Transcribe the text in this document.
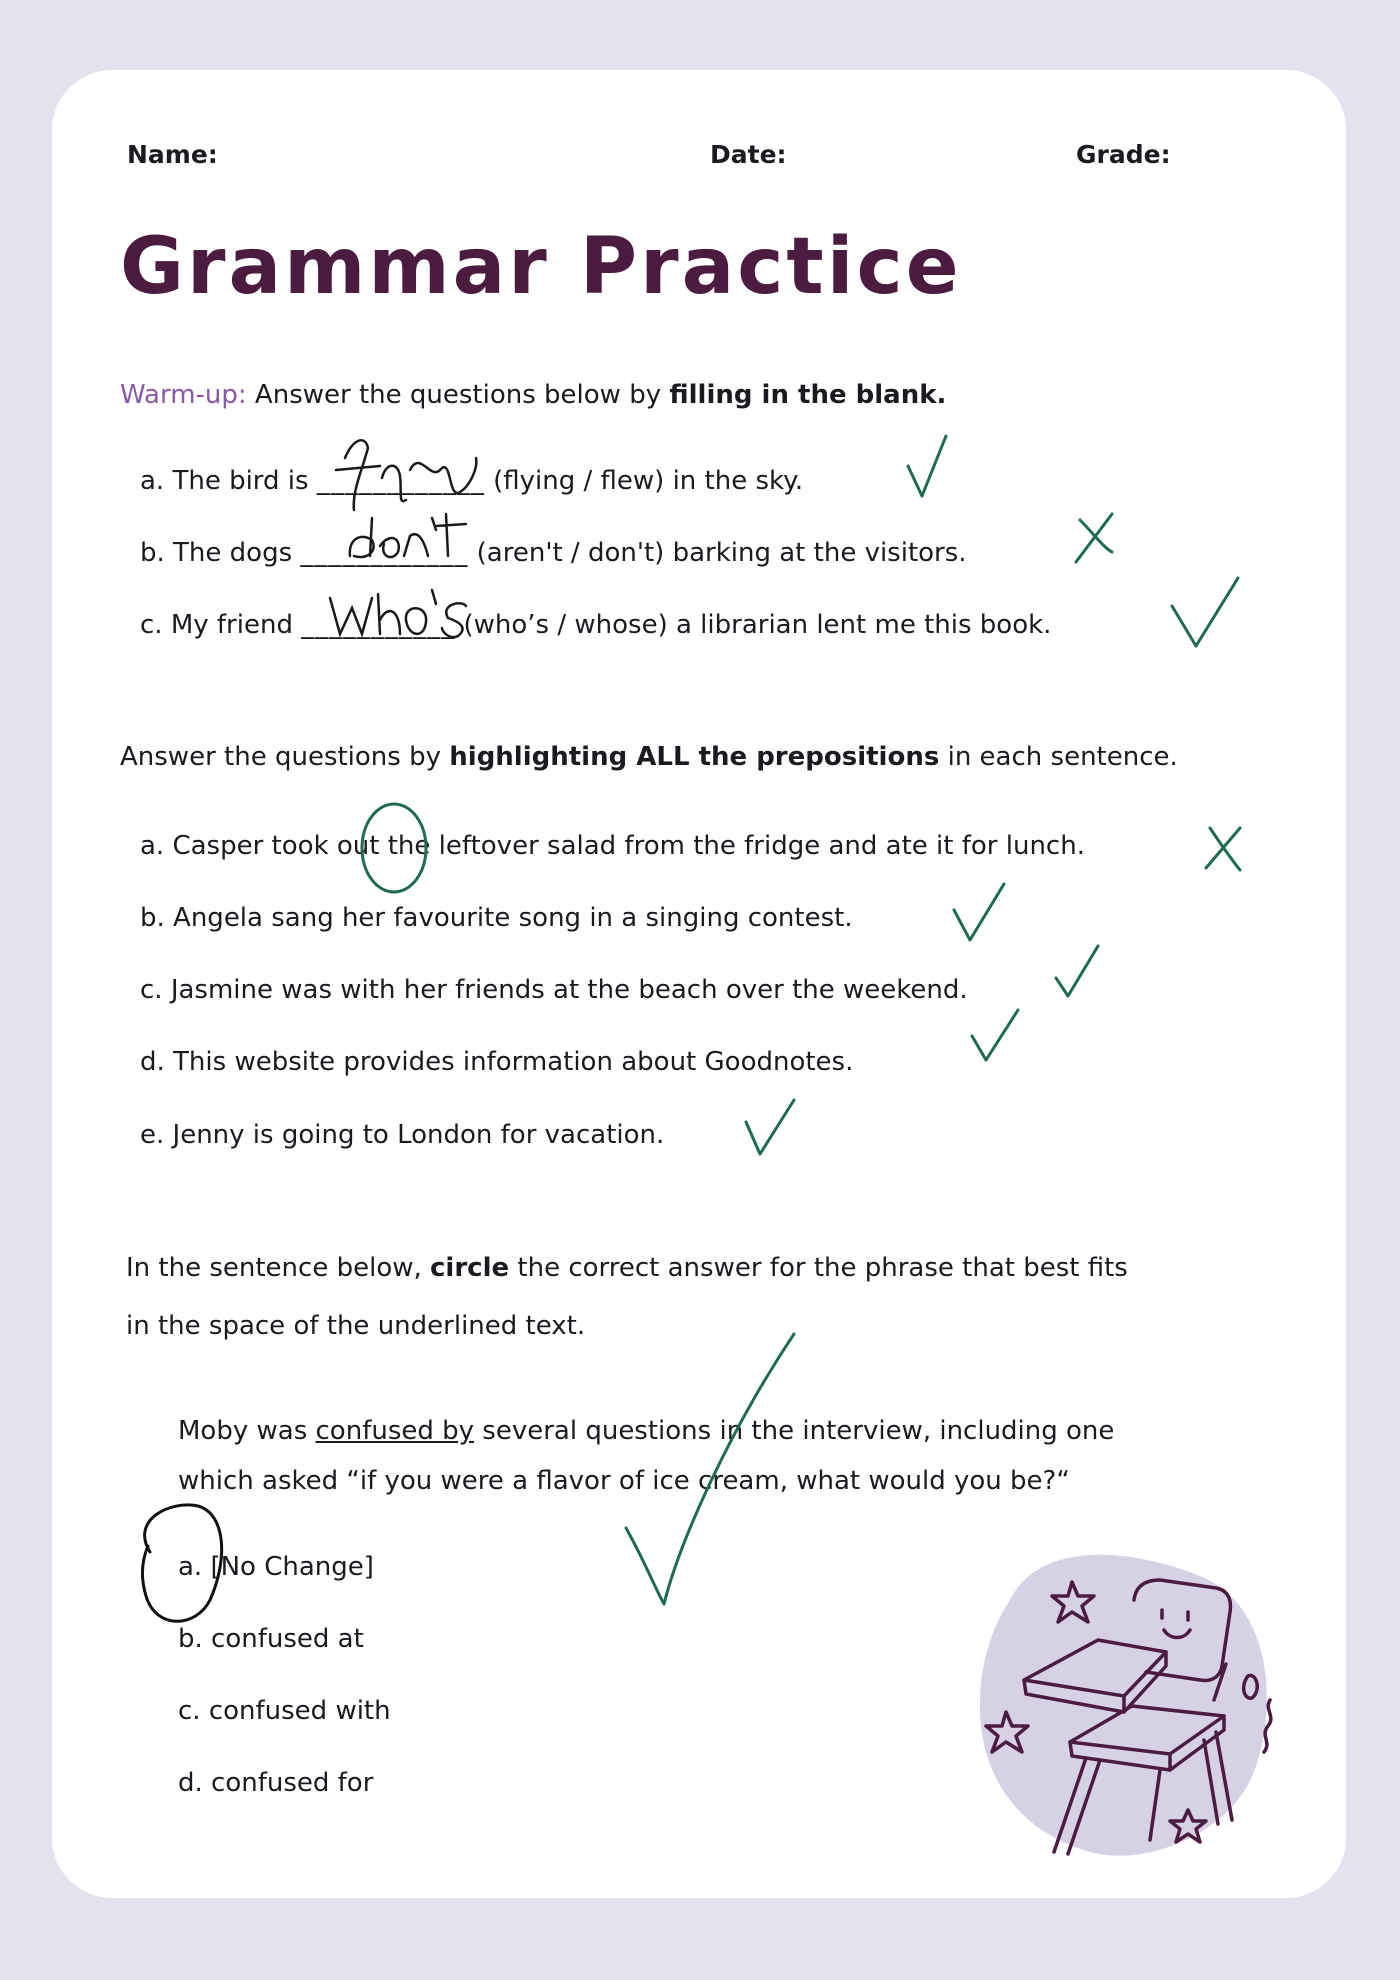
Name:	Date:	Grade:
Grammar Practice
Warm-up: Answer the questions below by filling in the blank.
a. The bird is ____________ (flying / flew) in the sky.
b. The dogs ____________ (aren't / don't) barking at the visitors.
c. My friend ___________ (who’s / whose) a librarian lent me this book.
Answer the questions by highlighting ALL the prepositions in each sentence.
a. Casper took out the leftover salad from the fridge and ate it for lunch.
b. Angela sang her favourite song in a singing contest.
c. Jasmine was with her friends at the beach over the weekend.
d. This website provides information about Goodnotes.
e. Jenny is going to London for vacation.
In the sentence below, circle the correct answer for the phrase that best fits
in the space of the underlined text.
Moby was confused by several questions in the interview, including one
which asked “if you were a flavor of ice cream, what would you be?“
a. [No Change]
b. confused at
c. confused with
d. confused for
